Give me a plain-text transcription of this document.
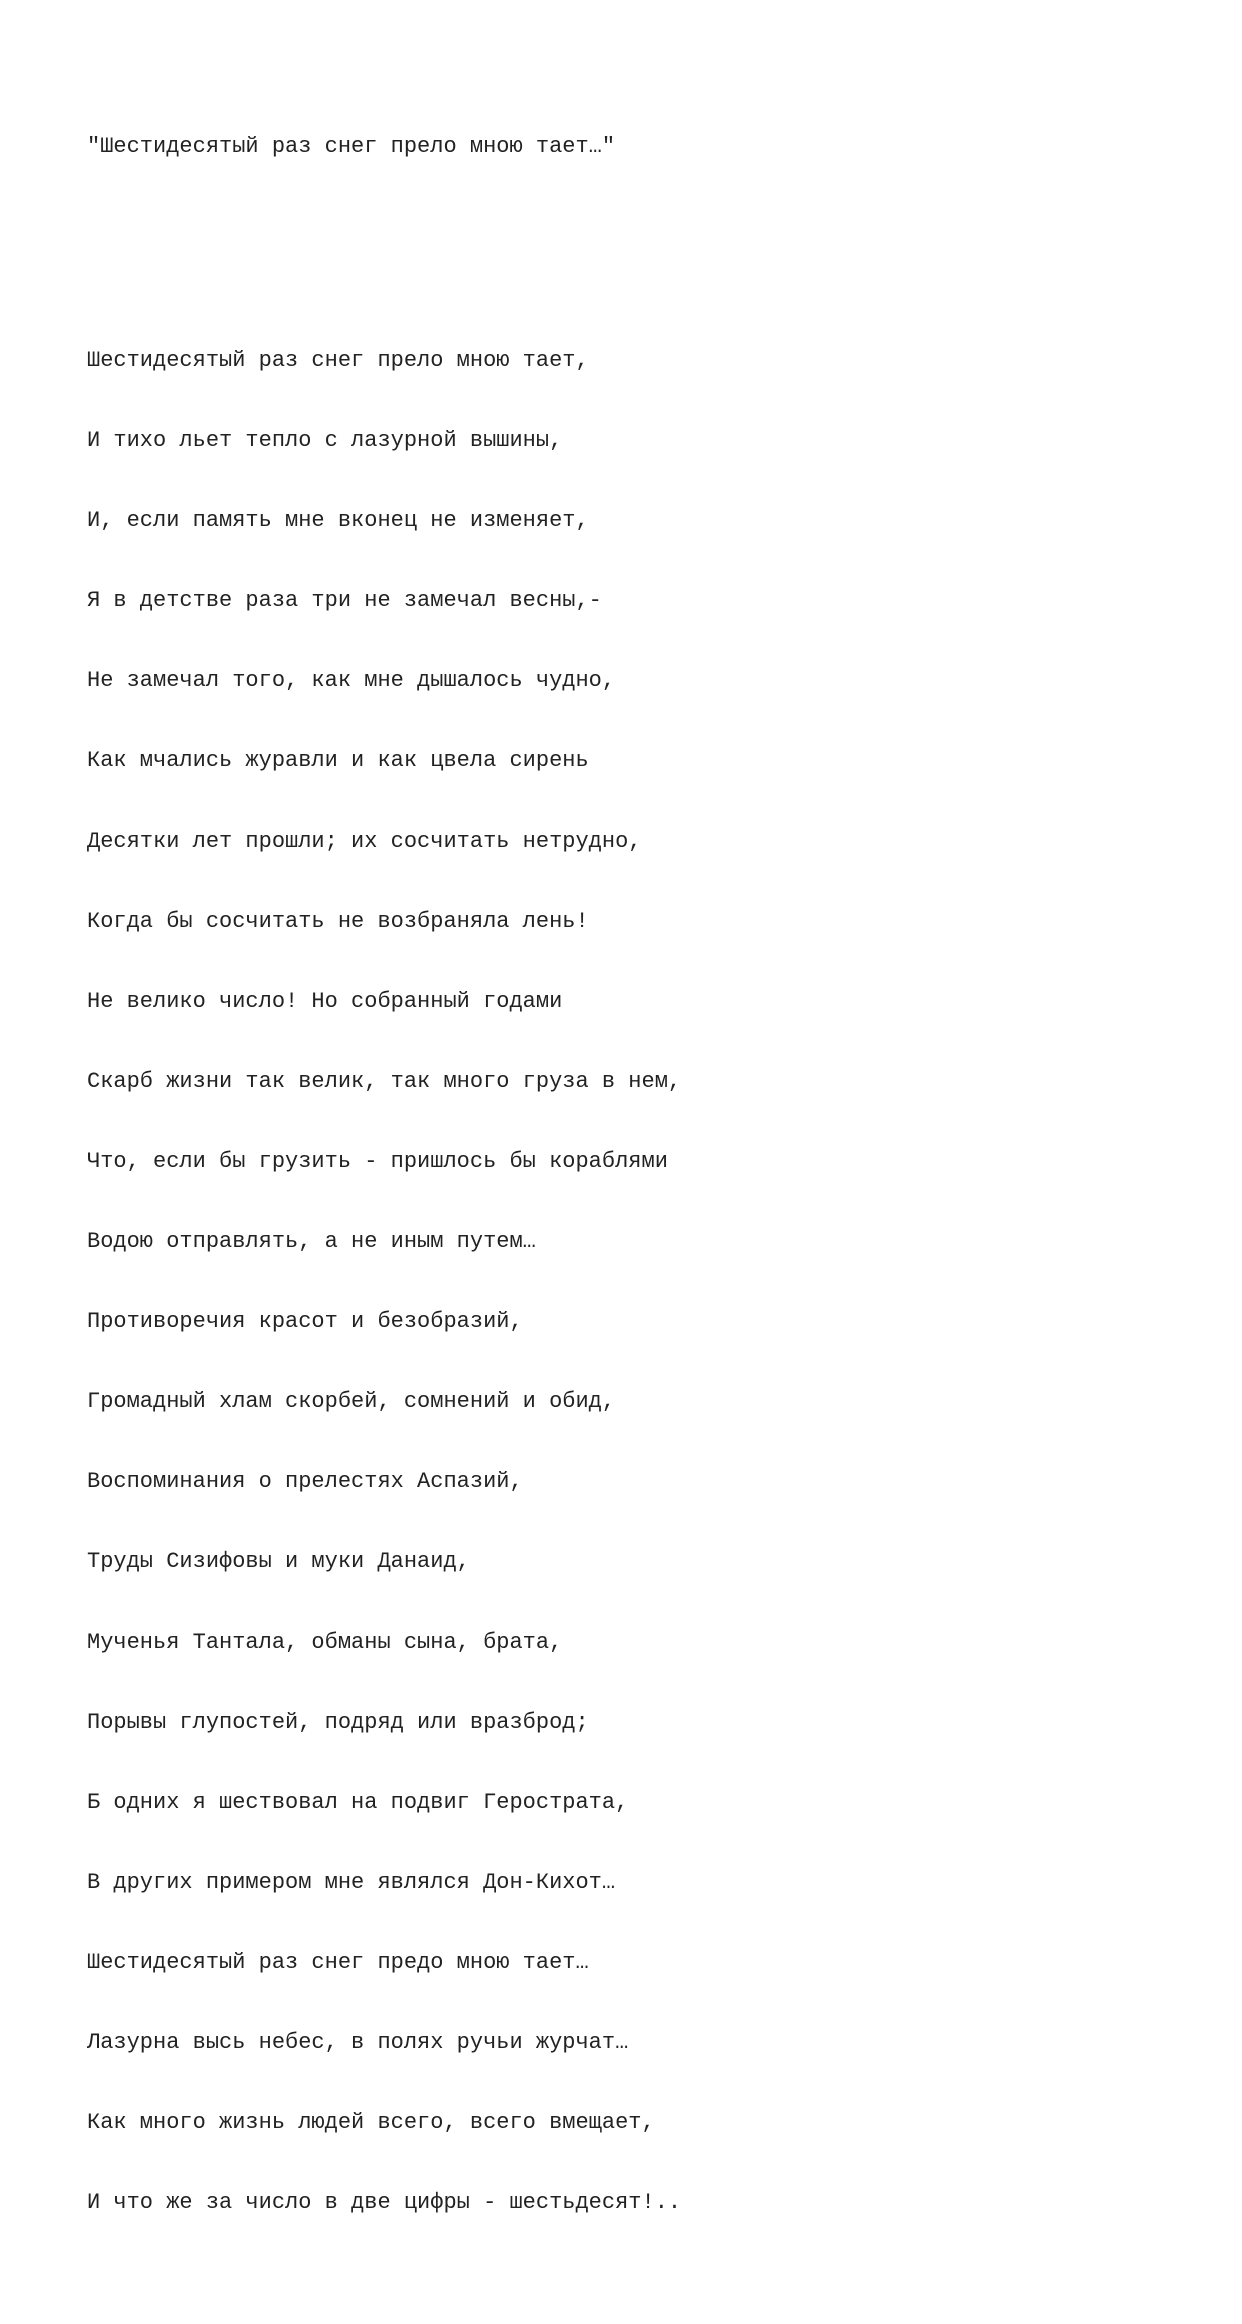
"Шестидесятый раз снег прело мною тает…"

Шестидесятый раз снег прело мною тает,

И тихо льет тепло с лазурной вышины,

И, если память мне вконец не изменяет,

Я в детстве раза три не замечал весны,-

Не замечал того, как мне дышалось чудно,

Как мчались журавли и как цвела сирень

Десятки лет прошли; их сосчитать нетрудно,

Когда бы сосчитать не возбраняла лень!

Не велико число! Но собранный годами

Скарб жизни так велик, так много груза в нем,

Что, если бы грузить - пришлось бы кораблями

Водою отправлять, а не иным путем…

Противоречия красот и безобразий,

Громадный хлам скорбей, сомнений и обид,

Воспоминания о прелестях Аспазий,

Труды Сизифовы и муки Данаид,

Мученья Тантала, обманы сына, брата,

Порывы глупостей, подряд или вразброд;

Б одних я шествовал на подвиг Герострата,

В других примером мне являлся Дон-Кихот…

Шестидесятый раз снег предо мною тает…

Лазурна высь небес, в полях ручьи журчат…

Как много жизнь людей всего, всего вмещает,

И что же за число в две цифры - шестьдесят!..
